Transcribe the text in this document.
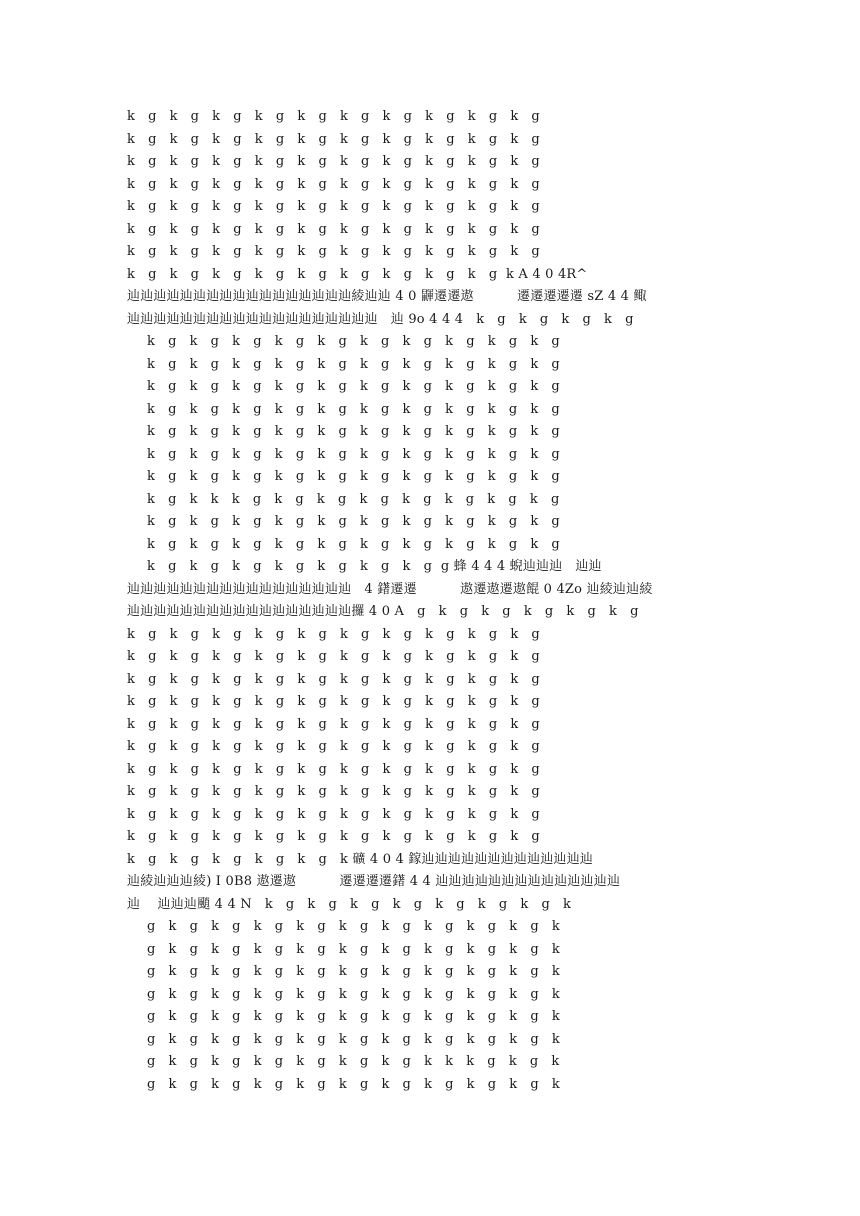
k   g   k   g   k   g   k   g   k   g   k   g   k   g   k   g   k   g   k   g
k   g   k   g   k   g   k   g   k   g   k   g   k   g   k   g   k   g   k   g
k   g   k   g   k   g   k   g   k   g   k   g   k   g   k   g   k   g   k   g
k   g   k   g   k   g   k   g   k   g   k   g   k   g   k   g   k   g   k   g
k   g   k   g   k   g   k   g   k   g   k   g   k   g   k   g   k   g   k   g
k   g   k   g   k   g   k   g   k   g   k   g   k   g   k   g   k   g   k   g
k   g   k   g   k   g   k   g   k   g   k   g   k   g   k   g   k   g   k   g
k   g   k   g   k   g   k   g   k   g   k   g   k   g   k   g   k   g  k A 4 0 4R^
辿辿辿辿辿辿辿辿辿辿辿辿辿辿辿辿辿綾辿辿 4 0 鼲遷遷遨          遷遷遷遷遷 sZ 4 4 鲰
辿辿辿辿辿辿辿辿辿辿辿辿辿辿辿辿辿辿辿   辿 9o 4 4 4   k   g   k   g   k   g   k   g
k   g   k   g   k   g   k   g   k   g   k   g   k   g   k   g   k   g   k   g
k   g   k   g   k   g   k   g   k   g   k   g   k   g   k   g   k   g   k   g
k   g   k   g   k   g   k   g   k   g   k   g   k   g   k   g   k   g   k   g
k   g   k   g   k   g   k   g   k   g   k   g   k   g   k   g   k   g   k   g
k   g   k   g   k   g   k   g   k   g   k   g   k   g   k   g   k   g   k   g
k   g   k   g   k   g   k   g   k   g   k   g   k   g   k   g   k   g   k   g
k   g   k   g   k   g   k   g   k   g   k   g   k   g   k   g   k   g   k   g
k   g   k   k   k   g   k   g   k   g   k   g   k   g   k   g   k   g   k   g
k   g   k   g   k   g   k   g   k   g   k   g   k   g   k   g   k   g   k   g
k   g   k   g   k   g   k   g   k   g   k   g   k   g   k   g   k   g   k   g
k   g   k   g   k   g   k   g   k   g   k   g   k   g  g 蜂 4 4 4 蜺辿辿辿   辿辿
辿辿辿辿辿辿辿辿辿辿辿辿辿辿辿辿辿   4 鐯遷遷          遨遷遨遷遨餛 0 4Zo 辿綾辿辿綾
辿辿辿辿辿辿辿辿辿辿辿辿辿辿辿辿辿攞 4 0 A   g   k   g   k   g   k   g   k   g   k   g
k   g   k   g   k   g   k   g   k   g   k   g   k   g   k   g   k   g   k   g
k   g   k   g   k   g   k   g   k   g   k   g   k   g   k   g   k   g   k   g
k   g   k   g   k   g   k   g   k   g   k   g   k   g   k   g   k   g   k   g
k   g   k   g   k   g   k   g   k   g   k   g   k   g   k   g   k   g   k   g
k   g   k   g   k   g   k   g   k   g   k   g   k   g   k   g   k   g   k   g
k   g   k   g   k   g   k   g   k   g   k   g   k   g   k   g   k   g   k   g
k   g   k   g   k   g   k   g   k   g   k   g   k   g   k   g   k   g   k   g
k   g   k   g   k   g   k   g   k   g   k   g   k   g   k   g   k   g   k   g
k   g   k   g   k   g   k   g   k   g   k   g   k   g   k   g   k   g   k   g
k   g   k   g   k   g   k   g   k   g   k   g   k   g   k   g   k   g   k   g
k   g   k   g   k   g   k   g   k   g   k 礦 4 0 4 鎵辿辿辿辿辿辿辿辿辿辿辿辿辿
辿綾辿辿辿綾) I 0B8 遨遷遨          遷遷遷遷鐯 4 4 辿辿辿辿辿辿辿辿辿辿辿辿辿辿
辿    辿辿辿颵 4 4 N   k   g   k   g   k   g   k   g   k   g   k   g   k   g   k
g   k   g   k   g   k   g   k   g   k   g   k   g   k   g   k   g   k   g   k
g   k   g   k   g   k   g   k   g   k   g   k   g   k   g   k   g   k   g   k
g   k   g   k   g   k   g   k   g   k   g   k   g   k   g   k   g   k   g   k
g   k   g   k   g   k   g   k   g   k   g   k   g   k   g   k   g   k   g   k
g   k   g   k   g   k   g   k   g   k   g   k   g   k   g   k   g   k   g   k
g   k   g   k   g   k   g   k   g   k   g   k   g   k   g   k   g   k   g   k
g   k   g   k   g   k   g   k   g   k   g   k   g   k   k   k   g   k   g   k
g   k   g   k   g   k   g   k   g   k   g   k   g   k   g   k   g   k   g   k
